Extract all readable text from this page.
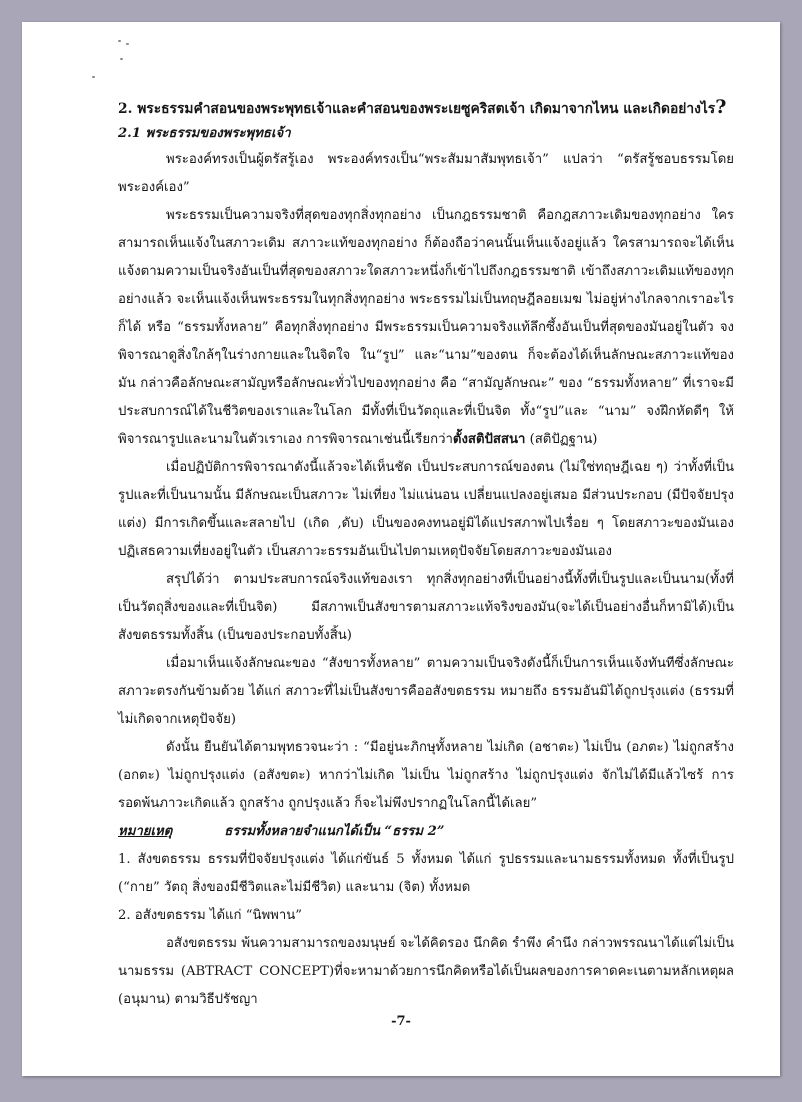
2. พระธรรมคำสอนของพระพุทธเจ้าและคำสอนของพระเยซูคริสตเจ้า เกิดมาจากไหน และเกิดอย่างไร?
2.1 พระธรรมของพระพุทธเจ้า

พระองค์ทรงเป็นผู้ตรัสรู้เอง พระองค์ทรงเป็น“พระสัมมาสัมพุทธเจ้า” แปลว่า “ตรัสรู้ชอบธรรมโดยพระองค์เอง”

พระธรรมเป็นความจริงที่สุดของทุกสิ่งทุกอย่าง เป็นกฎธรรมชาติ คือกฎสภาวะเดิมของทุกอย่าง ใครสามารถเห็นแจ้งในสภาวะเดิม สภาวะแท้ของทุกอย่าง ก็ต้องถือว่าคนนั้นเห็นแจ้งอยู่แล้ว ใครสามารถจะได้เห็นแจ้งตามความเป็นจริงอันเป็นที่สุดของสภาวะใดสภาวะหนึ่งก็เข้าไปถึงกฎธรรมชาติ เข้าถึงสภาวะเดิมแท้ของทุกอย่างแล้ว จะเห็นแจ้งเห็นพระธรรมในทุกสิ่งทุกอย่าง พระธรรมไม่เป็นทฤษฎีลอยเมฆ ไม่อยู่ห่างไกลจากเราอะไรก็ได้ หรือ “ธรรมทั้งหลาย” คือทุกสิ่งทุกอย่าง มีพระธรรมเป็นความจริงแท้ลึกซึ้งอันเป็นที่สุดของมันอยู่ในตัว จงพิจารณาดูสิ่งใกล้ๆในร่างกายและในจิตใจ ใน“รูป” และ“นาม”ของตน ก็จะต้องได้เห็นลักษณะสภาวะแท้ของมัน กล่าวคือลักษณะสามัญหรือลักษณะทั่วไปของทุกอย่าง คือ “สามัญลักษณะ” ของ “ธรรมทั้งหลาย” ที่เราจะมีประสบการณ์ได้ในชีวิตของเราและในโลก มีทั้งที่เป็นวัตถุและที่เป็นจิต ทั้ง“รูป”และ “นาม” จงฝึกหัดดีๆ ให้พิจารณารูปและนามในตัวเราเอง การพิจารณาเช่นนี้เรียกว่าตั้งสติปัสสนา (สติปัฏฐาน)

เมื่อปฏิบัติการพิจารณาดังนี้แล้วจะได้เห็นชัด เป็นประสบการณ์ของตน (ไม่ใช่ทฤษฎีเฉย ๆ) ว่าทั้งที่เป็นรูปและที่เป็นนามนั้น มีลักษณะเป็นสภาวะ ไม่เที่ยง ไม่แน่นอน เปลี่ยนแปลงอยู่เสมอ มีส่วนประกอบ (มีปัจจัยปรุงแต่ง) มีการเกิดขึ้นและสลายไป (เกิด ,ดับ) เป็นของคงทนอยู่มิได้แปรสภาพไปเรื่อย ๆ โดยสภาวะของมันเองปฏิเสธความเที่ยงอยู่ในตัว เป็นสภาวะธรรมอันเป็นไปตามเหตุปัจจัยโดยสภาวะของมันเอง

สรุปได้ว่า ตามประสบการณ์จริงแท้ของเรา ทุกสิ่งทุกอย่างที่เป็นอย่างนี้ทั้งที่เป็นรูปและเป็นนาม(ทั้งที่เป็นวัตถุสิ่งของและที่เป็นจิต) มีสภาพเป็นสังขารตามสภาวะแท้จริงของมัน(จะได้เป็นอย่างอื่นก็หามิได้)เป็นสังขตธรรมทั้งสิ้น (เป็นของประกอบทั้งสิ้น)

เมื่อมาเห็นแจ้งลักษณะของ “สังขารทั้งหลาย” ตามความเป็นจริงดังนี้ก็เป็นการเห็นแจ้งทันทีซึ่งลักษณะสภาวะตรงกันข้ามด้วย ได้แก่ สภาวะที่ไม่เป็นสังขารคืออสังขตธรรม หมายถึง ธรรมอันมิได้ถูกปรุงแต่ง (ธรรมที่ไม่เกิดจากเหตุปัจจัย)

ดังนั้น ยืนยันได้ตามพุทธวจนะว่า : “มีอยู่นะภิกษุทั้งหลาย ไม่เกิด (อชาตะ) ไม่เป็น (อภตะ) ไม่ถูกสร้าง (อกตะ) ไม่ถูกปรุงแต่ง (อสังขตะ) หากว่าไม่เกิด ไม่เป็น ไม่ถูกสร้าง ไม่ถูกปรุงแต่ง จักไม่ได้มีแล้วไซร้ การรอดพ้นภาวะเกิดแล้ว ถูกสร้าง ถูกปรุงแล้ว ก็จะไม่พึงปรากฏในโลกนี้ได้เลย”

หมายเหตุ	ธรรมทั้งหลายจำแนกได้เป็น “ธรรม 2”

1. สังขตธรรม ธรรมที่ปัจจัยปรุงแต่ง ได้แก่ขันธ์ 5 ทั้งหมด ได้แก่ รูปธรรมและนามธรรมทั้งหมด ทั้งที่เป็นรูป (“กาย” วัตถุ สิ่งของมีชีวิตและไม่มีชีวิต) และนาม (จิต) ทั้งหมด

2. อสังขตธรรม ได้แก่ “นิพพาน”

อสังขตธรรม พ้นความสามารถของมนุษย์ จะได้คิดรอง นึกคิด รำพึง คำนึง กล่าวพรรณนาได้แต่ไม่เป็นนามธรรม (ABTRACT CONCEPT)ที่จะหามาด้วยการนึกคิดหรือได้เป็นผลของการคาดคะเนตามหลักเหตุผล (อนุมาน) ตามวิธีปรัชญา

-7-
